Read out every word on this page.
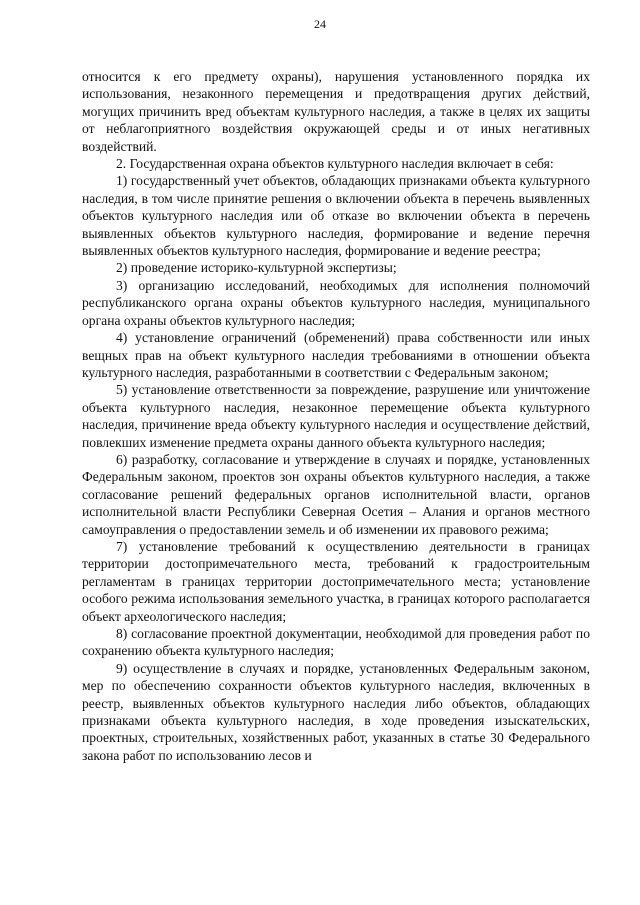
24

относится к его предмету охраны), нарушения установленного порядка их использования, незаконного перемещения и предотвращения других действий, могущих причинить вред объектам культурного наследия, а также в целях их защиты от неблагоприятного воздействия окружающей среды и от иных негативных воздействий.

2. Государственная охрана объектов культурного наследия включает в себя:

1) государственный учет объектов, обладающих признаками объекта культурного наследия, в том числе принятие решения о включении объекта в перечень выявленных объектов культурного наследия или об отказе во включении объекта в перечень выявленных объектов культурного наследия, формирование и ведение перечня выявленных объектов культурного наследия, формирование и ведение реестра;

2) проведение историко-культурной экспертизы;

3) организацию исследований, необходимых для исполнения полномочий республиканского органа охраны объектов культурного наследия, муниципального органа охраны объектов культурного наследия;

4) установление ограничений (обременений) права собственности или иных вещных прав на объект культурного наследия требованиями в отношении объекта культурного наследия, разработанными в соответствии с Федеральным законом;

5) установление ответственности за повреждение, разрушение или уничтожение объекта культурного наследия, незаконное перемещение объекта культурного наследия, причинение вреда объекту культурного наследия и осуществление действий, повлекших изменение предмета охраны данного объекта культурного наследия;

6) разработку, согласование и утверждение в случаях и порядке, установленных Федеральным законом, проектов зон охраны объектов культурного наследия, а также согласование решений федеральных органов исполнительной власти, органов исполнительной власти Республики Северная Осетия – Алания и органов местного самоуправления о предоставлении земель и об изменении их правового режима;

7) установление требований к осуществлению деятельности в границах территории достопримечательного места, требований к градостроительным регламентам в границах территории достопримечательного места; установление особого режима использования земельного участка, в границах которого располагается объект археологического наследия;

8) согласование проектной документации, необходимой для проведения работ по сохранению объекта культурного наследия;

9) осуществление в случаях и порядке, установленных Федеральным законом, мер по обеспечению сохранности объектов культурного наследия, включенных в реестр, выявленных объектов культурного наследия либо объектов, обладающих признаками объекта культурного наследия, в ходе проведения изыскательских, проектных, строительных, хозяйственных работ, указанных в статье 30 Федерального закона работ по использованию лесов и
